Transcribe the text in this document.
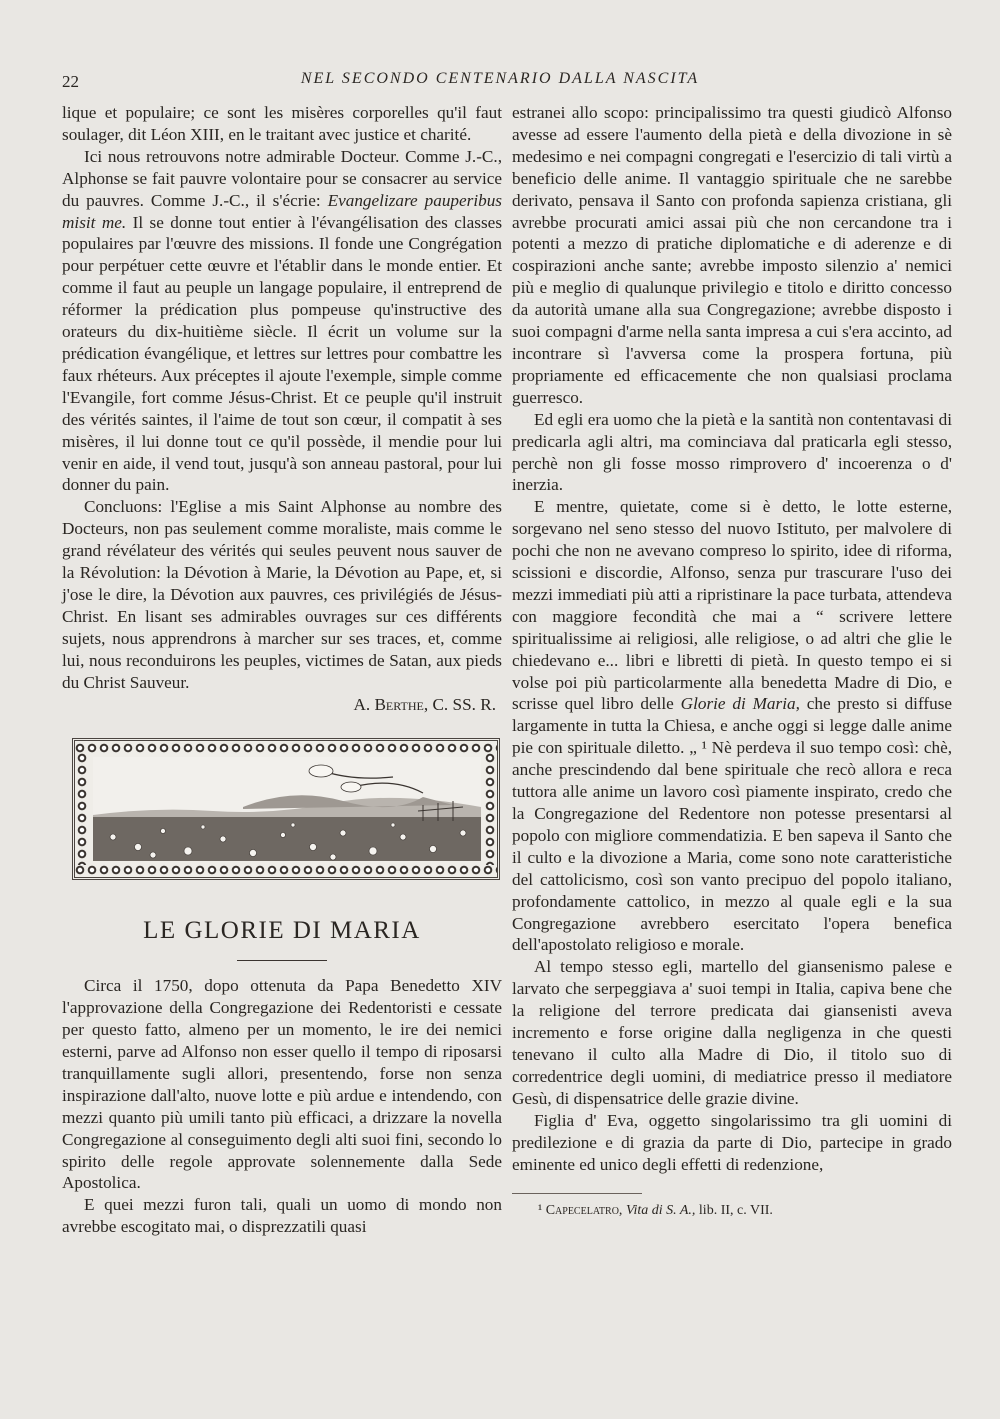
22	NEL SECONDO CENTENARIO DALLA NASCITA

lique et populaire; ce sont les misères corporelles qu'il faut soulager, dit Léon XIII, en le traitant avec justice et charité.

Ici nous retrouvons notre admirable Docteur. Comme J.-C., Alphonse se fait pauvre volontaire pour se consacrer au service du pauvres. Comme J.-C., il s'écrie: Evangelizare pauperibus misit me. Il se donne tout entier à l'évangélisation des classes populaires par l'œuvre des missions. Il fonde une Congrégation pour perpétuer cette œuvre et l'établir dans le monde entier. Et comme il faut au peuple un langage populaire, il entreprend de réformer la prédication plus pompeuse qu'instructive des orateurs du dix-huitième siècle. Il écrit un volume sur la prédication évangélique, et lettres sur lettres pour combattre les faux rhéteurs. Aux préceptes il ajoute l'exemple, simple comme l'Evangile, fort comme Jésus-Christ. Et ce peuple qu'il instruit des vérités saintes, il l'aime de tout son cœur, il compatit à ses misères, il lui donne tout ce qu'il possède, il mendie pour lui venir en aide, il vend tout, jusqu'à son anneau pastoral, pour lui donner du pain.

Concluons: l'Eglise a mis Saint Alphonse au nombre des Docteurs, non pas seulement comme moraliste, mais comme le grand révélateur des vérités qui seules peuvent nous sauver de la Révolution: la Dévotion à Marie, la Dévotion au Pape, et, si j'ose le dire, la Dévotion aux pauvres, ces privilégiés de Jésus-Christ. En lisant ses admirables ouvrages sur ces différents sujets, nous apprendrons à marcher sur ses traces, et, comme lui, nous reconduirons les peuples, victimes de Satan, aux pieds du Christ Sauveur.

A. Berthe, C. SS. R.

LE GLORIE DI MARIA

Circa il 1750, dopo ottenuta da Papa Benedetto XIV l'approvazione della Congregazione dei Redentoristi e cessate per questo fatto, almeno per un momento, le ire dei nemici esterni, parve ad Alfonso non esser quello il tempo di riposarsi tranquillamente sugli allori, presentendo, forse non senza inspirazione dall'alto, nuove lotte e più ardue e intendendo, con mezzi quanto più umili tanto più efficaci, a drizzare la novella Congregazione al conseguimento degli alti suoi fini, secondo lo spirito delle regole approvate solennemente dalla Sede Apostolica.

E quei mezzi furon tali, quali un uomo di mondo non avrebbe escogitato mai, o disprezzatili quasi

estranei allo scopo: principalissimo tra questi giudicò Alfonso avesse ad essere l'aumento della pietà e della divozione in sè medesimo e nei compagni congregati e l'esercizio di tali virtù a beneficio delle anime. Il vantaggio spirituale che ne sarebbe derivato, pensava il Santo con profonda sapienza cristiana, gli avrebbe procurati amici assai più che non cercandone tra i potenti a mezzo di pratiche diplomatiche e di aderenze e di cospirazioni anche sante; avrebbe imposto silenzio a' nemici più e meglio di qualunque privilegio e titolo e diritto concesso da autorità umane alla sua Congregazione; avrebbe disposto i suoi compagni d'arme nella santa impresa a cui s'era accinto, ad incontrare sì l'avversa come la prospera fortuna, più propriamente ed efficacemente che non qualsiasi proclama guerresco.

Ed egli era uomo che la pietà e la santità non contentavasi di predicarla agli altri, ma cominciava dal praticarla egli stesso, perchè non gli fosse mosso rimprovero d' incoerenza o d' inerzia.

E mentre, quietate, come si è detto, le lotte esterne, sorgevano nel seno stesso del nuovo Istituto, per malvolere di pochi che non ne avevano compreso lo spirito, idee di riforma, scissioni e discordie, Alfonso, senza pur trascurare l'uso dei mezzi immediati più atti a ripristinare la pace turbata, attendeva con maggiore fecondità che mai a “ scrivere lettere spiritualissime ai religiosi, alle religiose, o ad altri che glie le chiedevano e... libri e libretti di pietà. In questo tempo ei si volse poi più particolarmente alla benedetta Madre di Dio, e scrisse quel libro delle Glorie di Maria, che presto si diffuse largamente in tutta la Chiesa, e anche oggi si legge dalle anime pie con spirituale diletto. „ ¹ Nè perdeva il suo tempo così: chè, anche prescindendo dal bene spirituale che recò allora e reca tuttora alle anime un lavoro così piamente inspirato, credo che la Congregazione del Redentore non potesse presentarsi al popolo con migliore commendatizia. E ben sapeva il Santo che il culto e la divozione a Maria, come sono note caratteristiche del cattolicismo, così son vanto precipuo del popolo italiano, profondamente cattolico, in mezzo al quale egli e la sua Congregazione avrebbero esercitato l'opera benefica dell'apostolato religioso e morale.

Al tempo stesso egli, martello del giansenismo palese e larvato che serpeggiava a' suoi tempi in Italia, capiva bene che la religione del terrore predicata dai giansenisti aveva incremento e forse origine dalla negligenza in che questi tenevano il culto alla Madre di Dio, il titolo suo di corredentrice degli uomini, di mediatrice presso il mediatore Gesù, di dispensatrice delle grazie divine.

Figlia d' Eva, oggetto singolarissimo tra gli uomini di predilezione e di grazia da parte di Dio, partecipe in grado eminente ed unico degli effetti di redenzione,

¹ Capecelatro, Vita di S. A., lib. II, c. VII.
